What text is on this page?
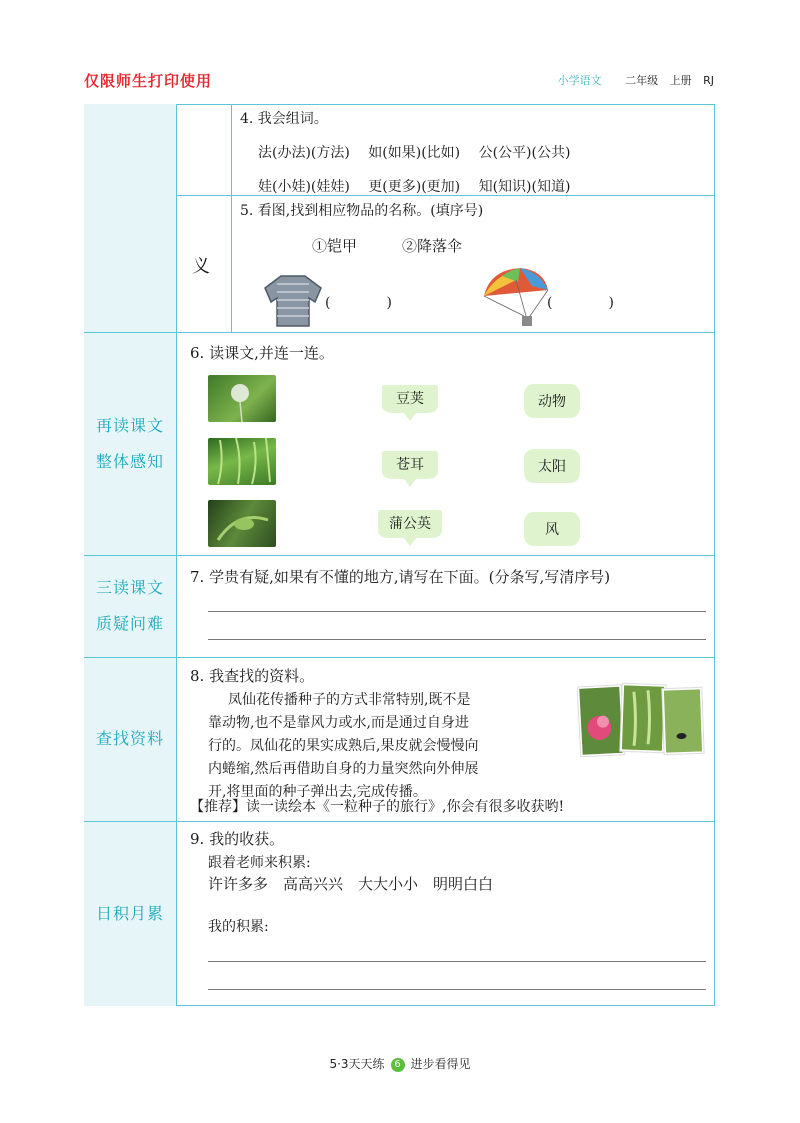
仅限师生打印使用	小学语文 二年级 上册 RJ
再读课文
整体感知
三读课文
质疑问难
查找资料
日积月累
义
4. 我会组词。
法(办法)(方法)　 如(如果)(比如)　 公(公平)(公共)
娃(小娃)(娃娃)　 更(更多)(更加)　 知(知识)(知道)
5. 看图,找到相应物品的名称。(填序号)
①铠甲　　　②降落伞
(　　　　)	(　　　　)
6. 读课文,并连一连。
豆荚
苍耳
蒲公英
动物
太阳
风
7. 学贵有疑,如果有不懂的地方,请写在下面。(分条写,写清序号)
8. 我查找的资料。
凤仙花传播种子的方式非常特别,既不是
靠动物,也不是靠风力或水,而是通过自身进
行的。凤仙花的果实成熟后,果皮就会慢慢向
内蜷缩,然后再借助自身的力量突然向外伸展
开,将里面的种子弹出去,完成传播。
【推荐】读一读绘本《一粒种子的旅行》,你会有很多收获哟!
9. 我的收获。
跟着老师来积累:
许许多多　高高兴兴　大大小小　明明白白
我的积累:
5·3天天练 6 进步看得见
